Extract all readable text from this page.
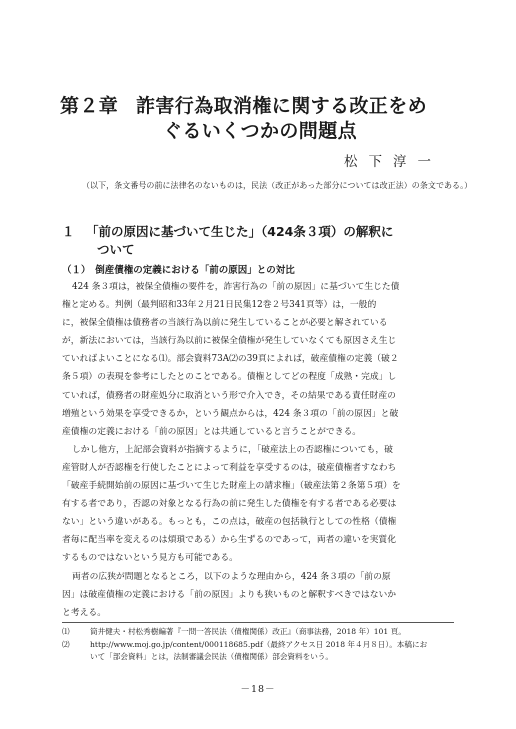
第２章 詐害行為取消権に関する改正をめ
ぐるいくつかの問題点
松下淳一
（以下，条文番号の前に法律名のないものは，民法（改正があった部分については改正法）の条文である。）
１ 「前の原因に基づいて生じた」（424条３項）の解釈に
ついて
（１）　倒産債権の定義における「前の原因」との対比

424 条３項は，被保全債権の要件を，詐害行為の「前の原因」に基づいて生じた債

権と定める。判例（最判昭和33年２月21日民集12巻２号341頁等）は，一般的

に，被保全債権は債務者の当該行為以前に発生していることが必要と解されている

が，新法においては，当該行為以前に被保全債権が発生していなくても原因さえ生じ

ていればよいことになる⑴。部会資料73A⑵の39頁によれば，破産債権の定義（破２

条５項）の表現を参考にしたとのことである。債権としてどの程度「成熟・完成」し

ていれば，債務者の財産処分に取消という形で介入でき，その結果である責任財産の

増殖という効果を享受できるか，という観点からは，424 条３項の「前の原因」と破

産債権の定義における「前の原因」とは共通していると言うことができる。

しかし他方，上記部会資料が指摘するように，「破産法上の否認権についても，破

産管財人が否認権を行使したことによって利益を享受するのは，破産債権者すなわち

「破産手続開始前の原因に基づいて生じた財産上の請求権」（破産法第２条第５項）を

有する者であり，否認の対象となる行為の前に発生した債権を有する者である必要は

ない」という違いがある。もっとも，この点は，破産の包括執行としての性格（債権

者毎に配当率を変えるのは煩瑣である）から生ずるのであって，両者の違いを実質化

するものではないという見方も可能である。

両者の広狭が問題となるところ，以下のような理由から，424 条３項の「前の原

因」は破産債権の定義における「前の原因」よりも狭いものと解釈すべきではないか

と考える。

⑴	筒井健夫・村松秀樹編著『一問一答民法（債権関係）改正』（商事法務，2018 年）101 頁。
⑵	http://www.moj.go.jp/content/000118685.pdf（最終アクセス日 2018 年４月８日）。本稿にお
いて「部会資料」とは，法制審議会民法（債権関係）部会資料をいう。
－18－
